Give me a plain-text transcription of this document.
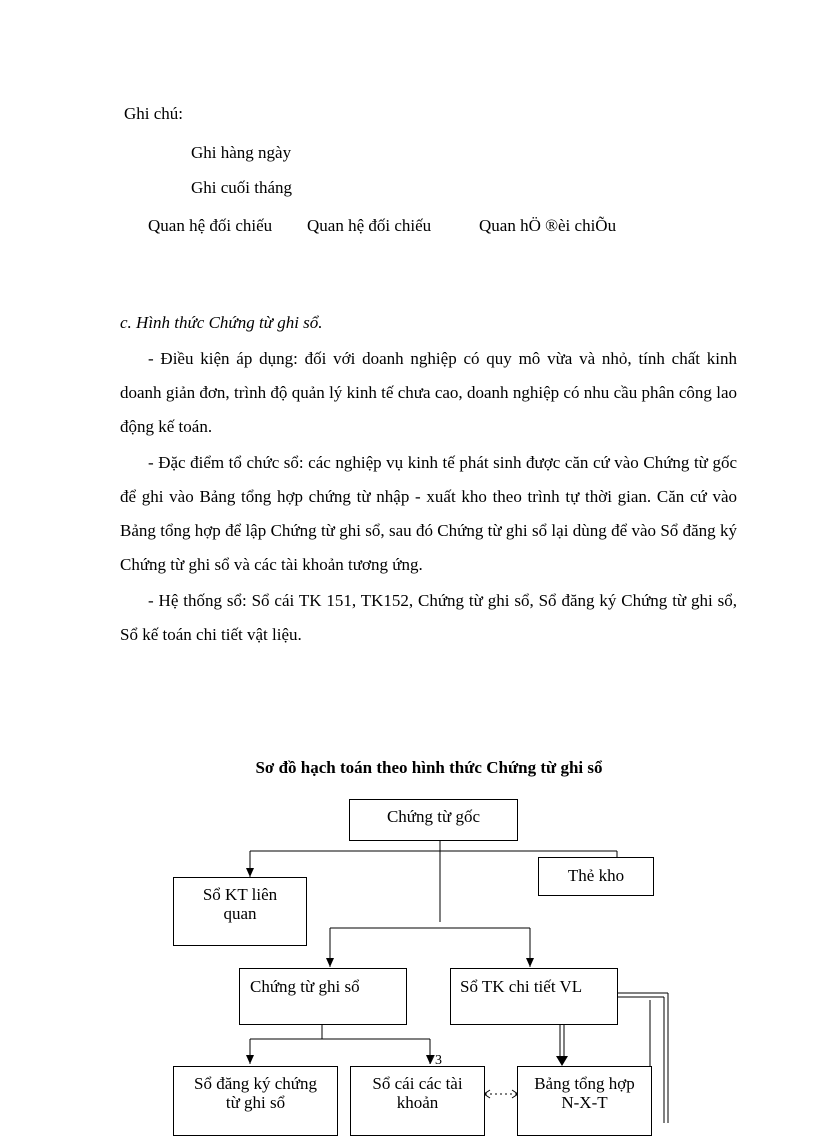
Ghi chú:
Ghi hàng ngày
Ghi cuối tháng
Quan hệ đối chiếu Quan hệ đối chiếu	Quan hÖ ®èi chiÕu
c. Hình thức Chứng từ ghi sổ.
- Điều kiện áp dụng: đối với doanh nghiệp có quy mô vừa và nhỏ, tính chất kinh doanh giản đơn, trình độ quản lý kinh tế chưa cao, doanh nghiệp có nhu cầu phân công lao động kế toán.
- Đặc điểm tổ chức sổ: các nghiệp vụ kinh tế phát sinh được căn cứ vào Chứng từ gốc để ghi vào Bảng tổng hợp chứng từ nhập - xuất kho theo trình tự thời gian. Căn cứ vào Bảng tổng hợp để lập Chứng từ ghi sổ, sau đó Chứng từ ghi sổ lại dùng để vào Sổ đăng ký Chứng từ ghi sổ và các tài khoản tương ứng.
- Hệ thống sổ: Sổ cái TK 151, TK152, Chứng từ ghi sổ, Sổ đăng ký Chứng từ ghi sổ, Sổ kế toán chi tiết vật liệu.
Sơ đồ hạch toán theo hình thức Chứng từ ghi sổ
Chứng từ gốc
Thẻ kho
Sổ KT liên
quan
Chứng từ ghi sổ	Sổ TK chi tiết VL
Sổ đăng ký chứng
từ ghi sổ
Sổ cái các tài
khoản
Bảng tổng hợp
N-X-T
73
